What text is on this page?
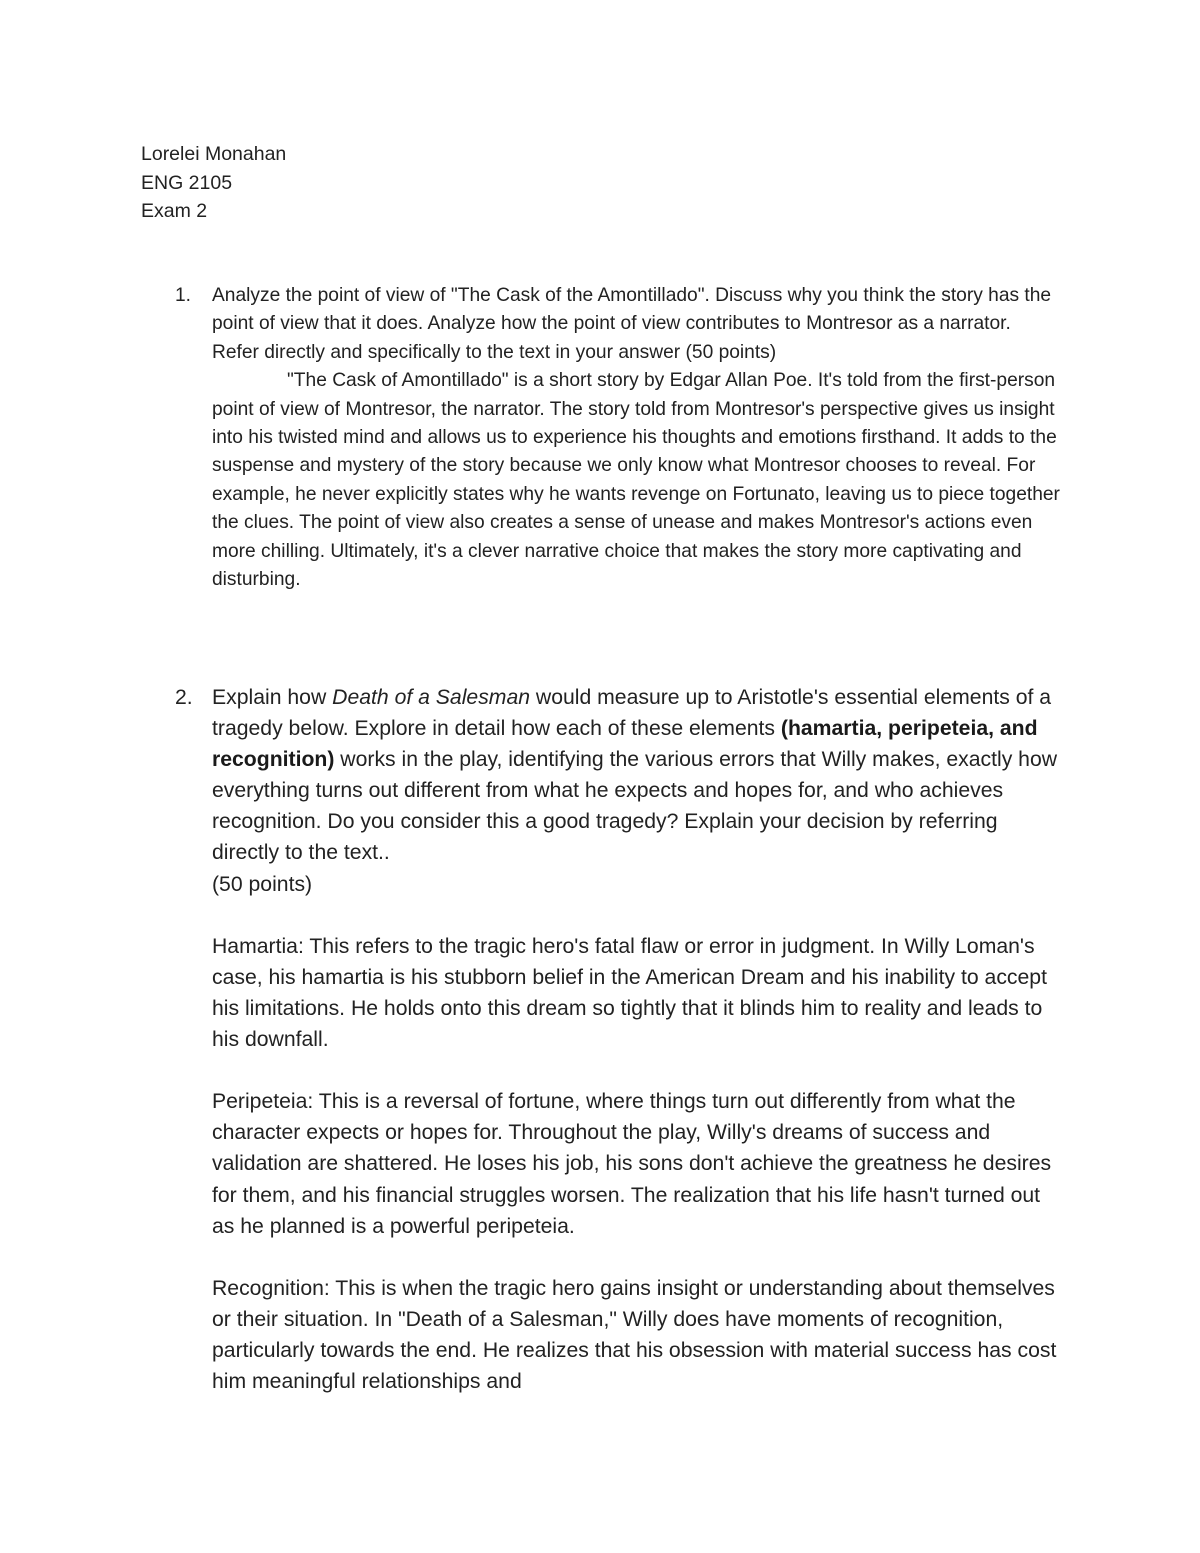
Lorelei Monahan
ENG 2105
Exam 2
1. Analyze the point of view of "The Cask of the Amontillado". Discuss why you think the story has the point of view that it does. Analyze how the point of view contributes to Montresor as a narrator. Refer directly and specifically to the text in your answer (50 points)
"The Cask of Amontillado" is a short story by Edgar Allan Poe. It's told from the first-person point of view of Montresor, the narrator. The story told from Montresor's perspective gives us insight into his twisted mind and allows us to experience his thoughts and emotions firsthand. It adds to the suspense and mystery of the story because we only know what Montresor chooses to reveal. For example, he never explicitly states why he wants revenge on Fortunato, leaving us to piece together the clues. The point of view also creates a sense of unease and makes Montresor's actions even more chilling. Ultimately, it's a clever narrative choice that makes the story more captivating and disturbing.
2. Explain how Death of a Salesman would measure up to Aristotle's essential elements of a tragedy below. Explore in detail how each of these elements (hamartia, peripeteia, and recognition) works in the play, identifying the various errors that Willy makes, exactly how everything turns out different from what he expects and hopes for, and who achieves recognition. Do you consider this a good tragedy? Explain your decision by referring directly to the text..
(50 points)

Hamartia: This refers to the tragic hero's fatal flaw or error in judgment. In Willy Loman's case, his hamartia is his stubborn belief in the American Dream and his inability to accept his limitations. He holds onto this dream so tightly that it blinds him to reality and leads to his downfall.

Peripeteia: This is a reversal of fortune, where things turn out differently from what the character expects or hopes for. Throughout the play, Willy's dreams of success and validation are shattered. He loses his job, his sons don't achieve the greatness he desires for them, and his financial struggles worsen. The realization that his life hasn't turned out as he planned is a powerful peripeteia.

Recognition: This is when the tragic hero gains insight or understanding about themselves or their situation. In "Death of a Salesman," Willy does have moments of recognition, particularly towards the end. He realizes that his obsession with material success has cost him meaningful relationships and
